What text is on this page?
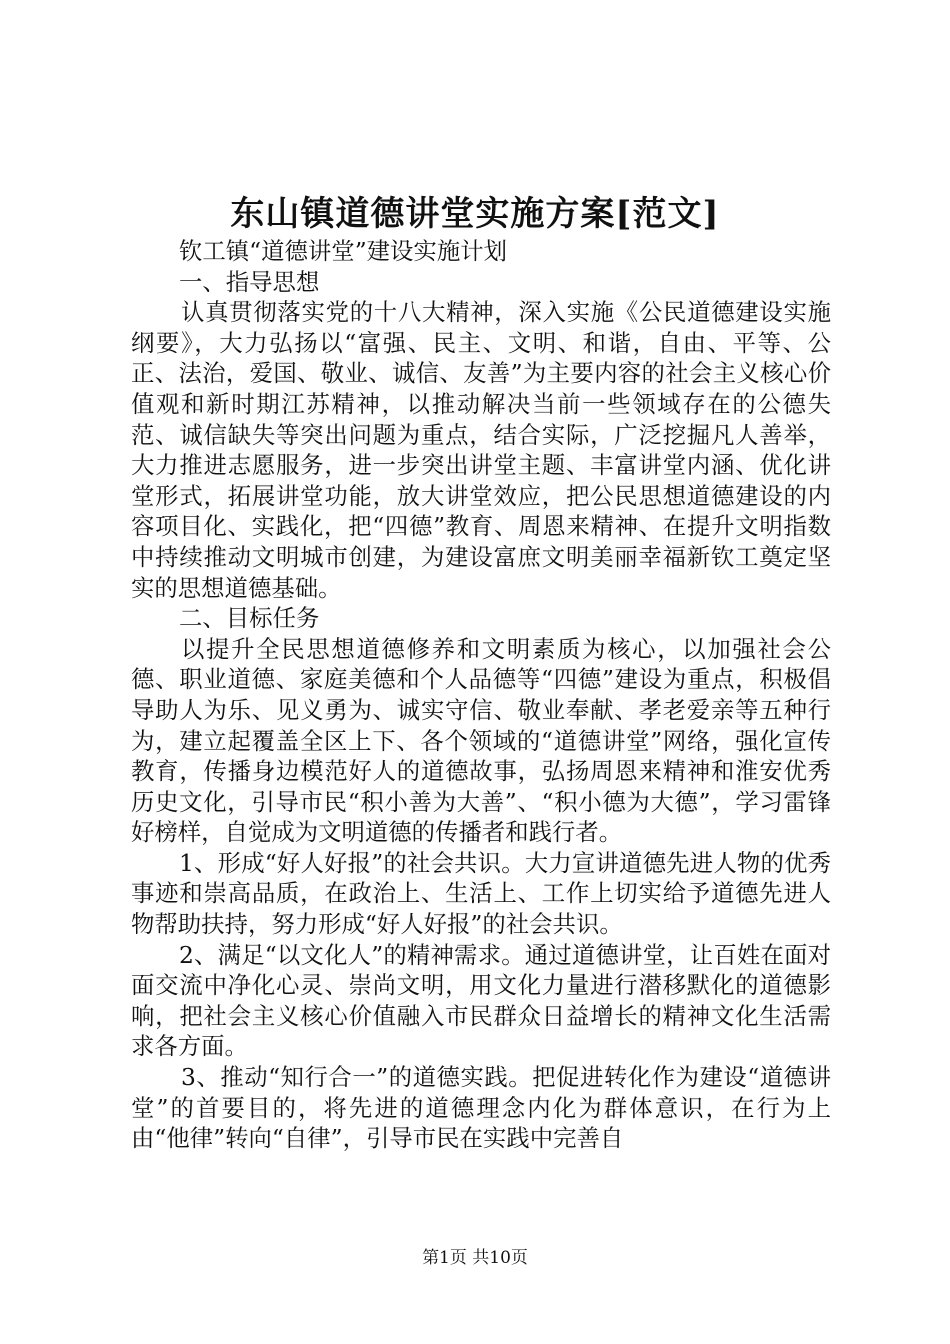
东山镇道德讲堂实施方案[范文]

钦工镇“道德讲堂”建设实施计划

一、指导思想

认真贯彻落实党的十八大精神，深入实施《公民道德建设实施纲要》，大力弘扬以“富强、民主、文明、和谐，自由、平等、公正、法治，爱国、敬业、诚信、友善”为主要内容的社会主义核心价值观和新时期江苏精神，以推动解决当前一些领域存在的公德失范、诚信缺失等突出问题为重点，结合实际，广泛挖掘凡人善举，大力推进志愿服务，进一步突出讲堂主题、丰富讲堂内涵、优化讲堂形式，拓展讲堂功能，放大讲堂效应，把公民思想道德建设的内容项目化、实践化，把“四德”教育、周恩来精神、在提升文明指数中持续推动文明城市创建，为建设富庶文明美丽幸福新钦工奠定坚实的思想道德基础。

二、目标任务

以提升全民思想道德修养和文明素质为核心，以加强社会公德、职业道德、家庭美德和个人品德等“四德”建设为重点，积极倡导助人为乐、见义勇为、诚实守信、敬业奉献、孝老爱亲等五种行为，建立起覆盖全区上下、各个领域的“道德讲堂”网络，强化宣传教育，传播身边模范好人的道德故事，弘扬周恩来精神和淮安优秀历史文化，引导市民“积小善为大善”、“积小德为大德”，学习雷锋好榜样，自觉成为文明道德的传播者和践行者。

1、形成“好人好报”的社会共识。大力宣讲道德先进人物的优秀事迹和崇高品质，在政治上、生活上、工作上切实给予道德先进人物帮助扶持，努力形成“好人好报”的社会共识。

2、满足“以文化人”的精神需求。通过道德讲堂，让百姓在面对面交流中净化心灵、崇尚文明，用文化力量进行潜移默化的道德影响，把社会主义核心价值融入市民群众日益增长的精神文化生活需求各方面。

3、推动“知行合一”的道德实践。把促进转化作为建设“道德讲堂”的首要目的，将先进的道德理念内化为群体意识，在行为上由“他律”转向“自律”，引导市民在实践中完善自

第1页 共10页
